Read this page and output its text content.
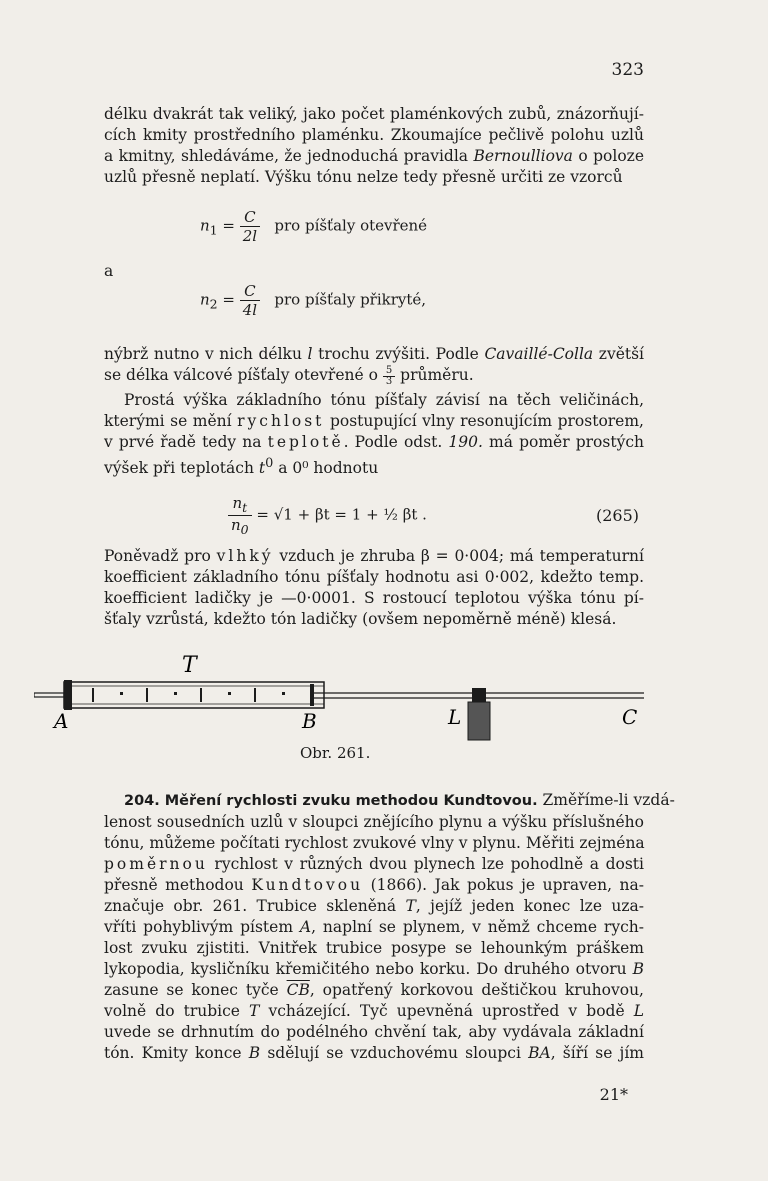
323
délku dvakrát tak veliký, jako počet plaménkových zubů, znázorňují-
cích kmity prostředního plaménku. Zkoumajíce pečlivě polohu uzlů
a kmitny, shledáváme, že jednoduchá pravidla Bernoulliova o poloze
uzlů přesně neplatí. Výšku tónu nelze tedy přesně určiti ze vzorců
$n_1 = \frac{C}{2l}$ pro píšťaly otevřené
a
$n_2 = \frac{C}{4l}$ pro píšťaly přikryté,
nýbrž nutno v nich délku l trochu zvýšiti. Podle Cavaillé-Colla zvětší
se délka válcové píšťaly otevřené o $\frac{5}{3}$ průměru.
Prostá výška základního tónu píšťaly závisí na těch veličinách,
kterými se mění rychlost postupující vlny resonujícím prostorem,
v prvé řadě tedy na teplotě. Podle odst. 190. má poměr prostých
výšek při teplotách $t^0$ a 0⁰ hodnotu
$\frac{n_t}{n_0} = √1 + \beta t = 1$ + ½ βt .	(265)
Poněvadž pro vlhký vzduch je zhruba β = 0·004; má temperaturní
koefficient základního tónu píšťaly hodnotu asi 0·002, kdežto temp.
koefficient ladičky je —0·0001. S rostoucí teplotou výška tónu pí-
šťaly vzrůstá, kdežto tón ladičky (ovšem nepoměrně méně) klesá.
T
A	B	L	C
Obr. 261.
204. Měření rychlosti zvuku methodou Kundtovou. Změříme-li vzdá-
lenost sousedních uzlů v sloupci znějícího plynu a výšku příslušného
tónu, můžeme počítati rychlost zvukové vlny v plynu. Měřiti zejména
poměrnou rychlost v různých dvou plynech lze pohodlně a dosti
přesně methodou Kundtovou (1866). Jak pokus je upraven, na-
značuje obr. 261. Trubice skleněná T, jejíž jeden konec lze uza-
vříti pohyblivým pístem A, naplní se plynem, v němž chceme rych-
lost zvuku zjistiti. Vnitřek trubice posype se lehounkým práškem
lykopodia, kysličníku křemičitého nebo korku. Do druhého otvoru B
zasune se konec tyče $\overline{CB}$, opatřený korkovou deštičkou kruhovou,
volně do trubice T vcházející. Tyč upevněná uprostřed v bodě L
uvede se drhnutím do podélného chvění tak, aby vydávala základní
tón. Kmity konce B sdělují se vzduchovému sloupci BA, šíří se jím
21*
